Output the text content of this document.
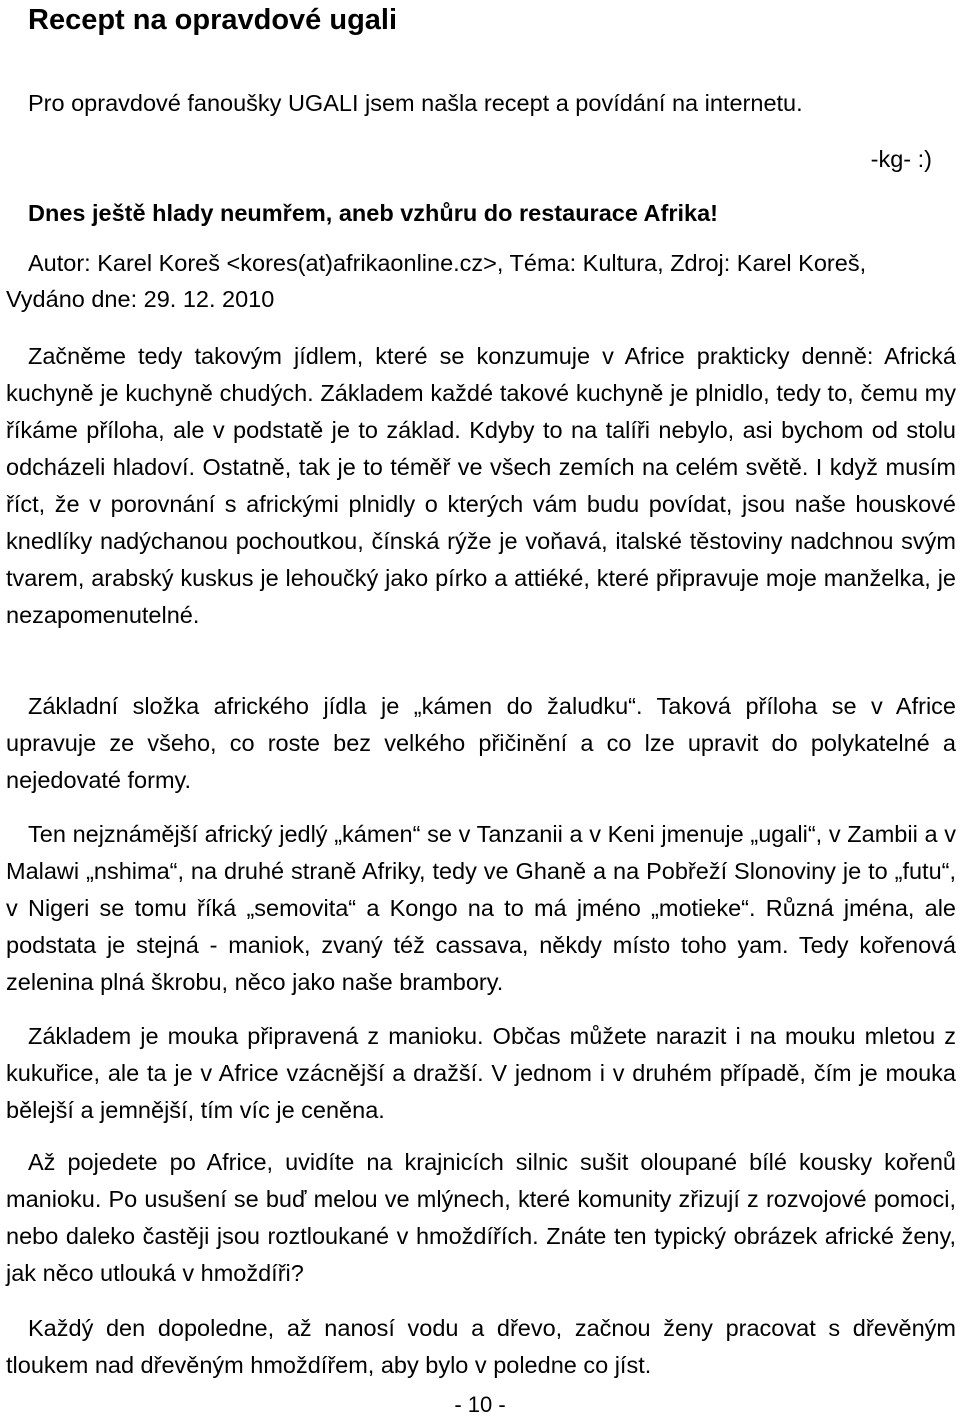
Recept na opravdové ugali
Pro opravdové fanoušky UGALI jsem našla recept a povídání na internetu.
-kg- :)
Dnes ještě hlady neumřem, aneb vzhůru do restaurace Afrika!
Autor: Karel Koreš <kores(at)afrikaonline.cz>, Téma: Kultura, Zdroj: Karel Koreš,
Vydáno dne: 29. 12. 2010

Začněme tedy takovým jídlem, které se konzumuje v Africe prakticky denně: Africká kuchyně je kuchyně chudých. Základem každé takové kuchyně je plnidlo, tedy to, čemu my říkáme příloha, ale v podstatě je to základ. Kdyby to na talíři nebylo, asi bychom od stolu odcházeli hladoví. Ostatně, tak je to téměř ve všech zemích na celém světě. I když musím říct, že v porovnání s africkými plnidly o kterých vám budu povídat, jsou naše houskové knedlíky nadýchanou pochoutkou, čínská rýže je voňavá, italské těstoviny nadchnou svým tvarem, arabský kuskus je lehoučký jako pírko a attiéké, které připravuje moje manželka, je nezapomenutelné.

Základní složka afrického jídla je „kámen do žaludku“. Taková příloha se v Africe upravuje ze všeho, co roste bez velkého přičinění a co lze upravit do polykatelné a nejedovaté formy.

Ten nejznámější africký jedlý „kámen“ se v Tanzanii a v Keni jmenuje „ugali“, v Zambii a v Malawi „nshima“, na druhé straně Afriky, tedy ve Ghaně a na Pobřeží Slonoviny je to „futu“, v Nigeri se tomu říká „semovita“ a Kongo na to má jméno „motieke“. Různá jména, ale podstata je stejná - maniok, zvaný též cassava, někdy místo toho yam. Tedy kořenová zelenina plná škrobu, něco jako naše brambory.

Základem je mouka připravená z manioku. Občas můžete narazit i na mouku mletou z kukuřice, ale ta je v Africe vzácnější a dražší. V jednom i v druhém případě, čím je mouka bělejší a jemnější, tím víc je ceněna.

Až pojedete po Africe, uvidíte na krajnicích silnic sušit oloupané bílé kousky kořenů manioku. Po usušení se buď melou ve mlýnech, které komunity zřizují z rozvojové pomoci, nebo daleko častěji jsou roztloukané v hmoždířích. Znáte ten typický obrázek africké ženy, jak něco utlouká v hmoždíři?

Každý den dopoledne, až nanosí vodu a dřevo, začnou ženy pracovat s dřevěným tloukem nad dřevěným hmoždířem, aby bylo v poledne co jíst.

- 10 -
